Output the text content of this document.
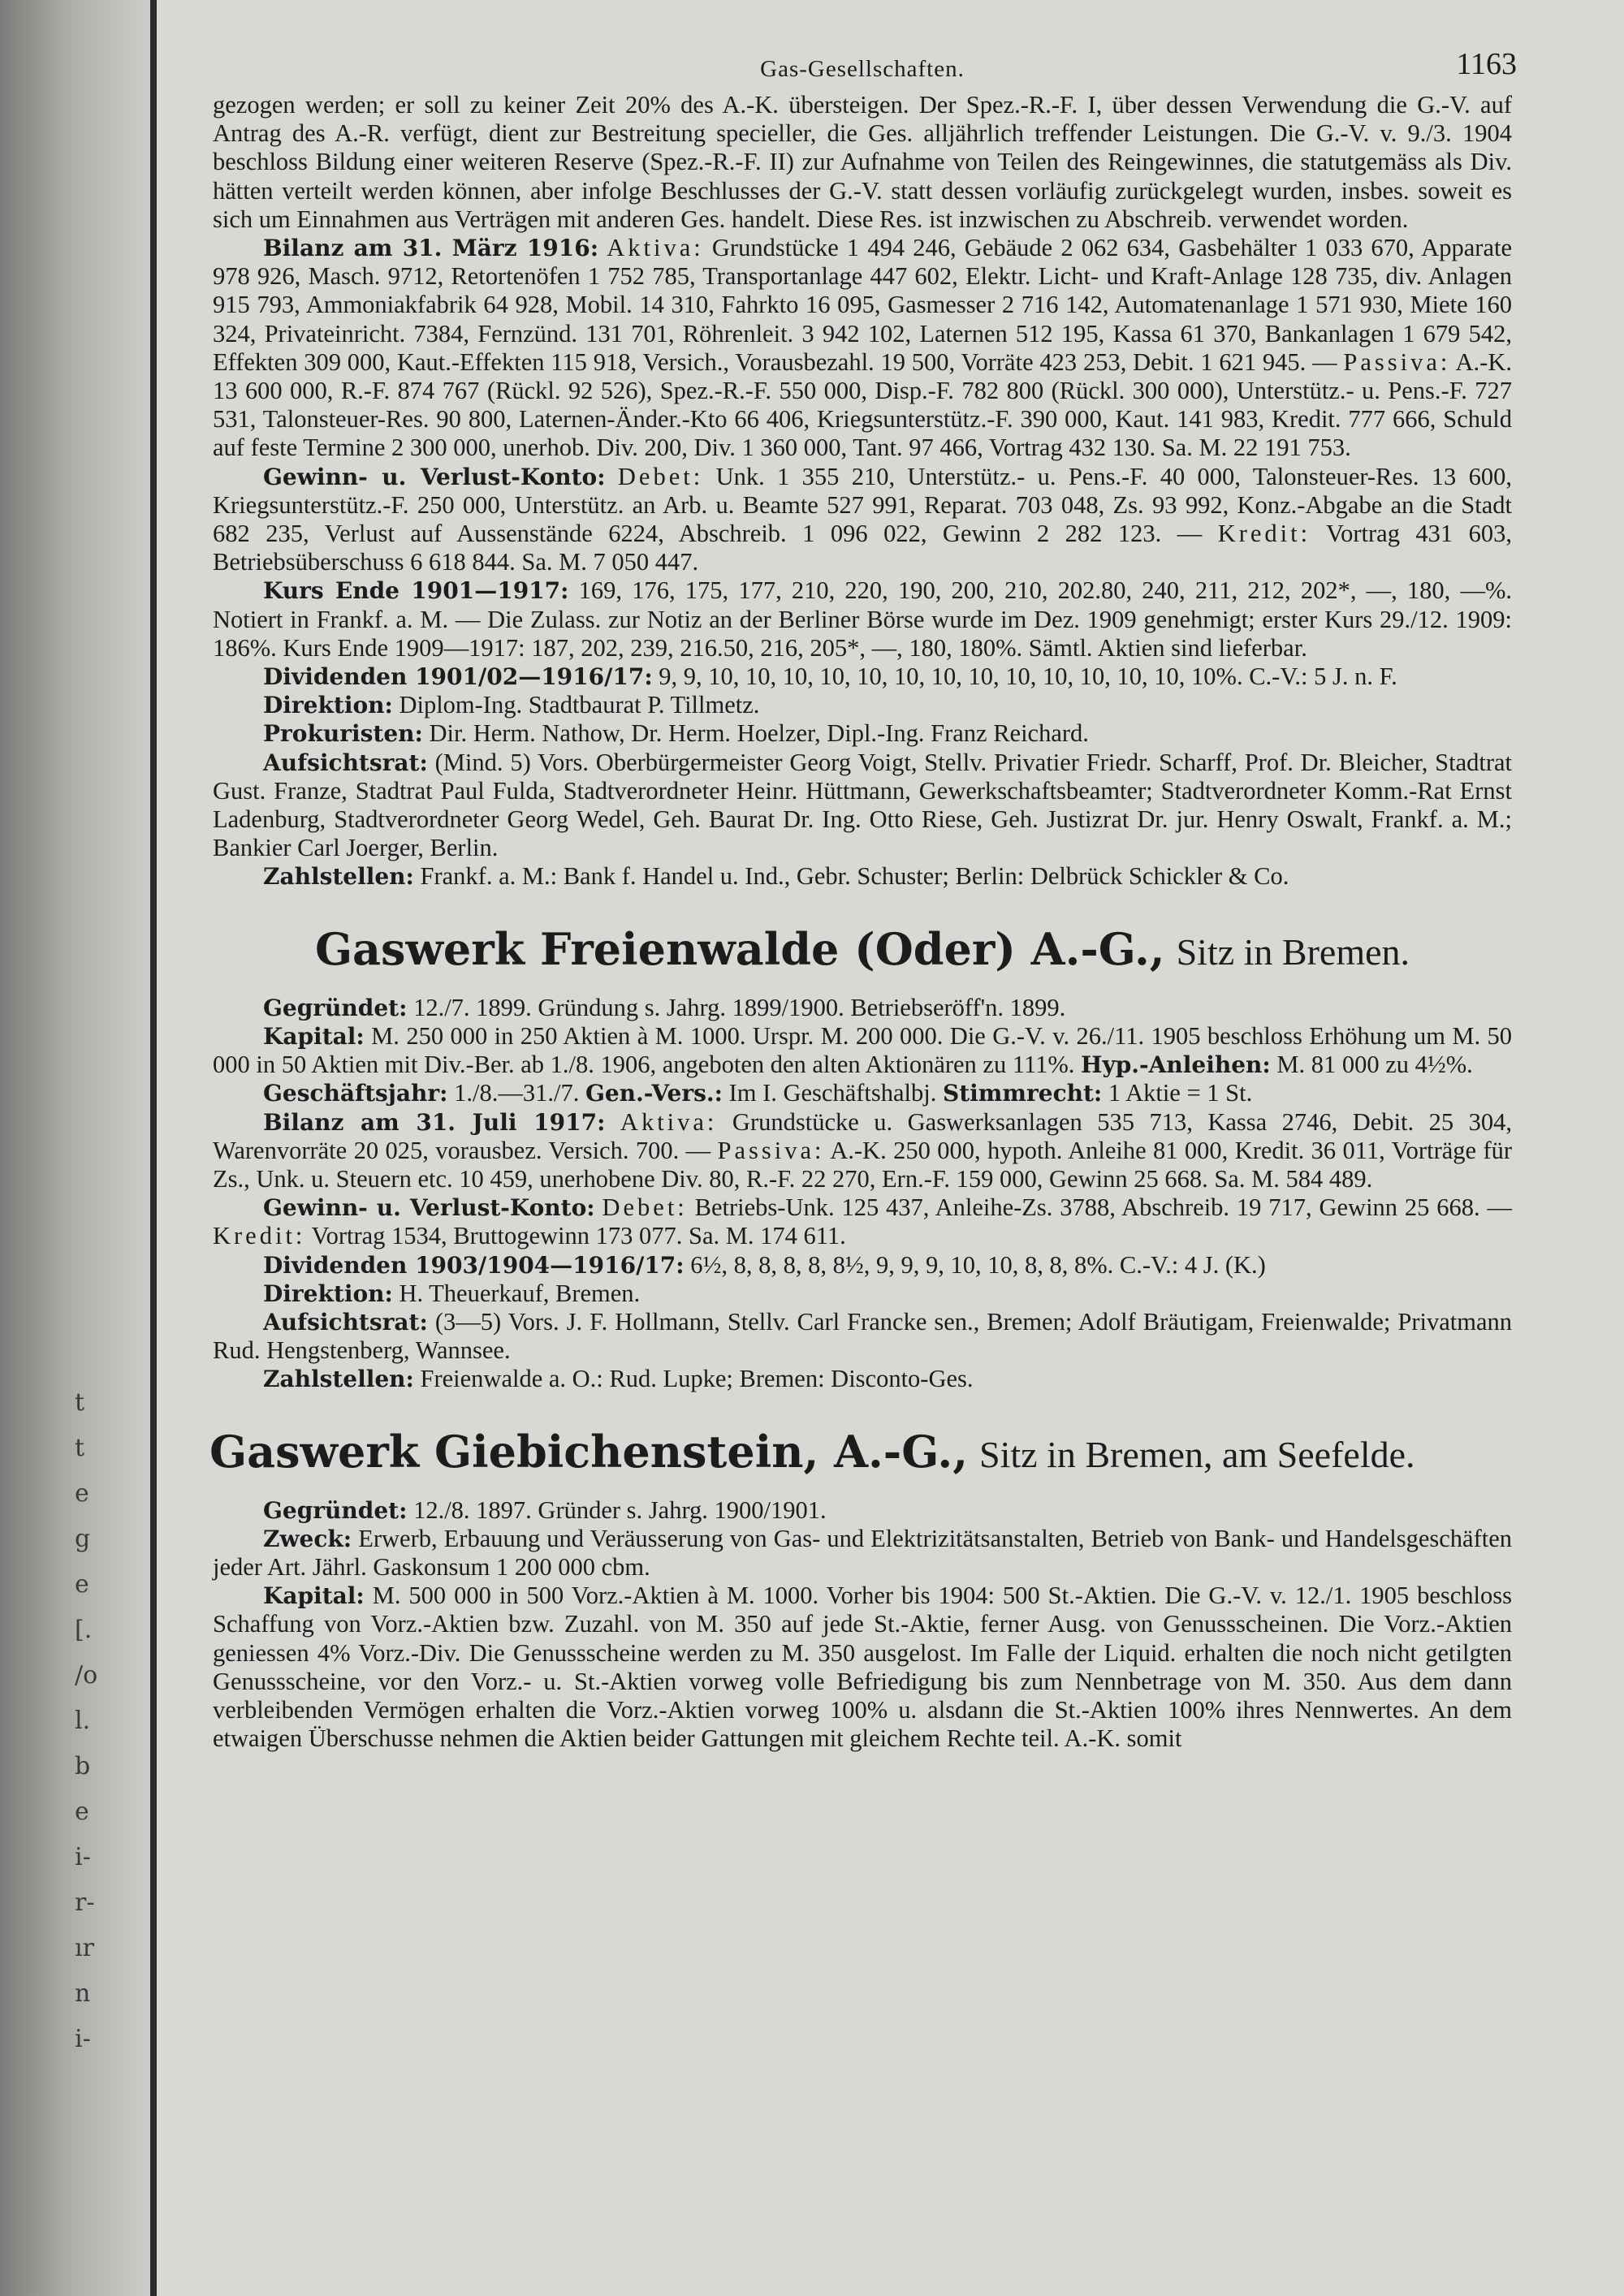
t
t
e
g
e
[.
/o
l.
b
e
i-
r-
ır
n
i-
Gas-Gesellschaften.	1163

gezogen werden; er soll zu keiner Zeit 20% des A.-K. übersteigen. Der Spez.-R.-F. I, über dessen Verwendung die G.-V. auf Antrag des A.-R. verfügt, dient zur Bestreitung specieller, die Ges. alljährlich treffender Leistungen. Die G.-V. v. 9./3. 1904 beschloss Bildung einer weiteren Reserve (Spez.-R.-F. II) zur Aufnahme von Teilen des Reingewinnes, die statutgemäss als Div. hätten verteilt werden können, aber infolge Beschlusses der G.-V. statt dessen vorläufig zurückgelegt wurden, insbes. soweit es sich um Einnahmen aus Verträgen mit anderen Ges. handelt. Diese Res. ist inzwischen zu Abschreib. verwendet worden.

Bilanz am 31. März 1916: Aktiva: Grundstücke 1 494 246, Gebäude 2 062 634, Gasbehälter 1 033 670, Apparate 978 926, Masch. 9712, Retortenöfen 1 752 785, Transportanlage 447 602, Elektr. Licht- und Kraft-Anlage 128 735, div. Anlagen 915 793, Ammoniakfabrik 64 928, Mobil. 14 310, Fahrkto 16 095, Gasmesser 2 716 142, Automatenanlage 1 571 930, Miete 160 324, Privateinricht. 7384, Fernzünd. 131 701, Röhrenleit. 3 942 102, Laternen 512 195, Kassa 61 370, Bankanlagen 1 679 542, Effekten 309 000, Kaut.-Effekten 115 918, Versich., Vorausbezahl. 19 500, Vorräte 423 253, Debit. 1 621 945. — Passiva: A.-K. 13 600 000, R.-F. 874 767 (Rückl. 92 526), Spez.-R.-F. 550 000, Disp.-F. 782 800 (Rückl. 300 000), Unterstütz.- u. Pens.-F. 727 531, Talonsteuer-Res. 90 800, Laternen-Änder.-Kto 66 406, Kriegsunterstütz.-F. 390 000, Kaut. 141 983, Kredit. 777 666, Schuld auf feste Termine 2 300 000, unerhob. Div. 200, Div. 1 360 000, Tant. 97 466, Vortrag 432 130. Sa. M. 22 191 753.

Gewinn- u. Verlust-Konto: Debet: Unk. 1 355 210, Unterstütz.- u. Pens.-F. 40 000, Talonsteuer-Res. 13 600, Kriegsunterstütz.-F. 250 000, Unterstütz. an Arb. u. Beamte 527 991, Reparat. 703 048, Zs. 93 992, Konz.-Abgabe an die Stadt 682 235, Verlust auf Aussenstände 6224, Abschreib. 1 096 022, Gewinn 2 282 123. — Kredit: Vortrag 431 603, Betriebsüberschuss 6 618 844. Sa. M. 7 050 447.

Kurs Ende 1901—1917: 169, 176, 175, 177, 210, 220, 190, 200, 210, 202.80, 240, 211, 212, 202*, —, 180, —%. Notiert in Frankf. a. M. — Die Zulass. zur Notiz an der Berliner Börse wurde im Dez. 1909 genehmigt; erster Kurs 29./12. 1909: 186%. Kurs Ende 1909—1917: 187, 202, 239, 216.50, 216, 205*, —, 180, 180%. Sämtl. Aktien sind lieferbar.

Dividenden 1901/02—1916/17: 9, 9, 10, 10, 10, 10, 10, 10, 10, 10, 10, 10, 10, 10, 10, 10%. C.-V.: 5 J. n. F.

Direktion: Diplom-Ing. Stadtbaurat P. Tillmetz.

Prokuristen: Dir. Herm. Nathow, Dr. Herm. Hoelzer, Dipl.-Ing. Franz Reichard.

Aufsichtsrat: (Mind. 5) Vors. Oberbürgermeister Georg Voigt, Stellv. Privatier Friedr. Scharff, Prof. Dr. Bleicher, Stadtrat Gust. Franze, Stadtrat Paul Fulda, Stadtverordneter Heinr. Hüttmann, Gewerkschaftsbeamter; Stadtverordneter Komm.-Rat Ernst Ladenburg, Stadtverordneter Georg Wedel, Geh. Baurat Dr. Ing. Otto Riese, Geh. Justizrat Dr. jur. Henry Oswalt, Frankf. a. M.; Bankier Carl Joerger, Berlin.

Zahlstellen: Frankf. a. M.: Bank f. Handel u. Ind., Gebr. Schuster; Berlin: Delbrück Schickler & Co.

Gaswerk Freienwalde (Oder) A.-G., Sitz in Bremen.

Gegründet: 12./7. 1899. Gründung s. Jahrg. 1899/1900. Betriebseröff'n. 1899.

Kapital: M. 250 000 in 250 Aktien à M. 1000. Urspr. M. 200 000. Die G.-V. v. 26./11. 1905 beschloss Erhöhung um M. 50 000 in 50 Aktien mit Div.-Ber. ab 1./8. 1906, angeboten den alten Aktionären zu 111%. Hyp.-Anleihen: M. 81 000 zu 4½%.

Geschäftsjahr: 1./8.—31./7. Gen.-Vers.: Im I. Geschäftshalbj. Stimmrecht: 1 Aktie = 1 St.

Bilanz am 31. Juli 1917: Aktiva: Grundstücke u. Gaswerksanlagen 535 713, Kassa 2746, Debit. 25 304, Warenvorräte 20 025, vorausbez. Versich. 700. — Passiva: A.-K. 250 000, hypoth. Anleihe 81 000, Kredit. 36 011, Vorträge für Zs., Unk. u. Steuern etc. 10 459, unerhobene Div. 80, R.-F. 22 270, Ern.-F. 159 000, Gewinn 25 668. Sa. M. 584 489.

Gewinn- u. Verlust-Konto: Debet: Betriebs-Unk. 125 437, Anleihe-Zs. 3788, Abschreib. 19 717, Gewinn 25 668. — Kredit: Vortrag 1534, Bruttogewinn 173 077. Sa. M. 174 611.

Dividenden 1903/1904—1916/17: 6½, 8, 8, 8, 8, 8½, 9, 9, 9, 10, 10, 8, 8, 8%. C.-V.: 4 J. (K.)

Direktion: H. Theuerkauf, Bremen.

Aufsichtsrat: (3—5) Vors. J. F. Hollmann, Stellv. Carl Francke sen., Bremen; Adolf Bräutigam, Freienwalde; Privatmann Rud. Hengstenberg, Wannsee.

Zahlstellen: Freienwalde a. O.: Rud. Lupke; Bremen: Disconto-Ges.

Gaswerk Giebichenstein, A.-G., Sitz in Bremen, am Seefelde.

Gegründet: 12./8. 1897. Gründer s. Jahrg. 1900/1901.

Zweck: Erwerb, Erbauung und Veräusserung von Gas- und Elektrizitätsanstalten, Betrieb von Bank- und Handelsgeschäften jeder Art. Jährl. Gaskonsum 1 200 000 cbm.

Kapital: M. 500 000 in 500 Vorz.-Aktien à M. 1000. Vorher bis 1904: 500 St.-Aktien. Die G.-V. v. 12./1. 1905 beschloss Schaffung von Vorz.-Aktien bzw. Zuzahl. von M. 350 auf jede St.-Aktie, ferner Ausg. von Genussscheinen. Die Vorz.-Aktien geniessen 4% Vorz.-Div. Die Genussscheine werden zu M. 350 ausgelost. Im Falle der Liquid. erhalten die noch nicht getilgten Genussscheine, vor den Vorz.- u. St.-Aktien vorweg volle Befriedigung bis zum Nennbetrage von M. 350. Aus dem dann verbleibenden Vermögen erhalten die Vorz.-Aktien vorweg 100% u. alsdann die St.-Aktien 100% ihres Nennwertes. An dem etwaigen Überschusse nehmen die Aktien beider Gattungen mit gleichem Rechte teil. A.-K. somit
